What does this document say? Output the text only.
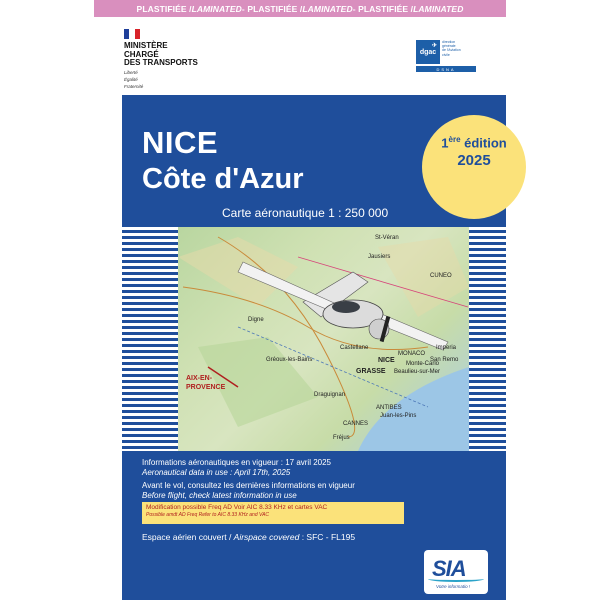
PLASTIFIÉE / LAMINATED - PLASTIFIÉE / LAMINATED - PLASTIFIÉE / LAMINATED
MINISTÈRE
CHARGÉ
DES TRANSPORTS
Liberté
Égalité
Fraternité
✈
dgac
direction
générale
de l'Aviation
civile
DSNA
NICE
Côte d'Azur
Carte aéronautique 1 : 250 000
1ère édition
2025
St-Véran
Jausiers
CUNEO
Digne
Castellane	Imperia
San Remo
MONACO
Monte-Carlo
Beaulieu-sur-Mer
Gréoux-les-Bains
Draguignan
ANTIBES
Juan-les-Pins
CANNES
Fréjus
NICE
GRASSE
AIX-EN-
PROVENCE
Informations aéronautiques en vigueur : 17 avril 2025
Aeronautical data in use : April 17th, 2025
Avant le vol, consultez les dernières informations en vigueur
Before flight, check latest information in use
Modification possible Freq AD Voir AIC 8.33 KHz et cartes VAC
Possible amdt AD Freq Refer to AIC 8.33 KHz and VAC
Espace aérien couvert / Airspace covered : SFC - FL195
SIA
Votre informatio !
